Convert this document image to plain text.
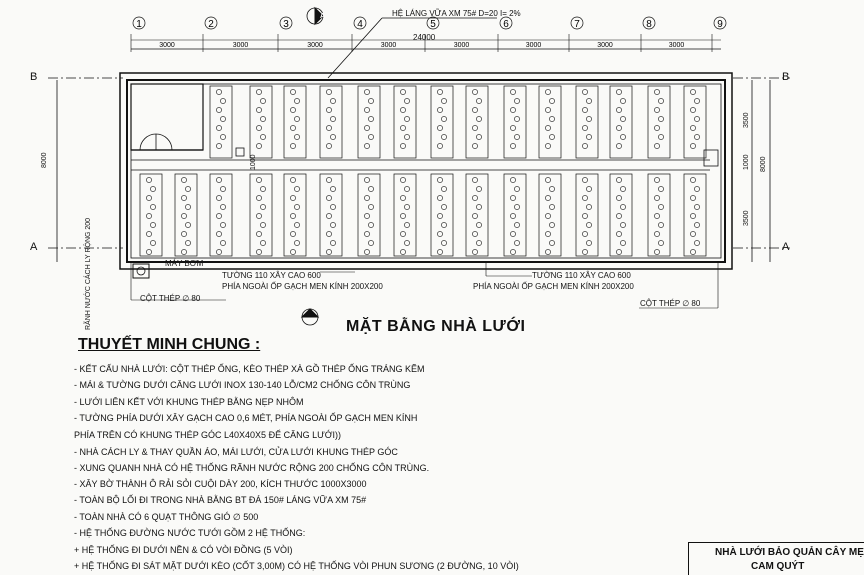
1	2	3	4	5	6	7	8	9
3000	3000	3000	3000	3000	3000	3000	3000
HỆ LÁNG VỮA XM 75# D=20 I= 2%
24000
A
B
A
B
A
8000	8000
3500
1000
3500
1000
RÃNH NƯỚC CÁCH LY RỘNG 200	MÁY BƠM
TƯỜNG 110 XÂY CAO 600
PHÍA NGOÀI ỐP GẠCH MEN KÍNH 200X200
TƯỜNG 110 XÂY CAO 600
PHÍA NGOÀI ỐP GẠCH MEN KÍNH 200X200
CỘT THÉP ∅ 80
CỘT THÉP ∅ 80
MẶT BẰNG NHÀ LƯỚI
THUYẾT MINH CHUNG :
- KẾT CẤU NHÀ LƯỚI: CỘT THÉP ỐNG, KÈO THÉP XÀ GỒ THÉP ỐNG TRÁNG KẼM
- MÁI & TƯỜNG DƯỚI CĂNG LƯỚI INOX 130-140 LỖ/CM2 CHỐNG CÔN TRÙNG
- LƯỚI LIÊN KẾT VỚI KHUNG THÉP BẰNG NẸP NHÔM
- TƯỜNG PHÍA DƯỚI XÂY GẠCH CAO 0,6 MÉT, PHÍA NGOÀI ỐP GẠCH MEN KÍNH
PHÍA TRÊN CÓ KHUNG THÉP GÓC L40X40X5 ĐỂ CĂNG LƯỚI))
- NHÀ CÁCH LY & THAY QUẦN ÁO, MÁI LƯỚI, CỬA LƯỚI KHUNG THÉP GÓC
- XUNG QUANH NHÀ CÓ HỆ THỐNG RÃNH NƯỚC RỘNG 200 CHỐNG CÔN TRÙNG.
- XÂY BỜ THÀNH Ô RẢI SỎI CUỘI DÀY 200, KÍCH THƯỚC 1000X3000
- TOÀN BỘ LỐI ĐI TRONG NHÀ BẰNG BT ĐÁ 150# LÁNG VỮA XM 75#
- TOÀN NHÀ CÓ 6 QUẠT THÔNG GIÓ ∅ 500
- HỆ THỐNG ĐƯỜNG NƯỚC TƯỚI GỒM 2 HỆ THỐNG:
+ HỆ THỐNG ĐI DƯỚI NỀN & CÓ VÒI ĐỒNG (5 VÒI)
+ HỆ THỐNG ĐI SÁT MẶT DƯỚI KÈO (CỐT 3,00M) CÓ HỆ THỐNG VÒI PHUN SƯƠNG (2 ĐƯỜNG, 10 VÒI)
NHÀ LƯỚI BẢO QUẢN CÂY MẸ
CAM QUÝT
